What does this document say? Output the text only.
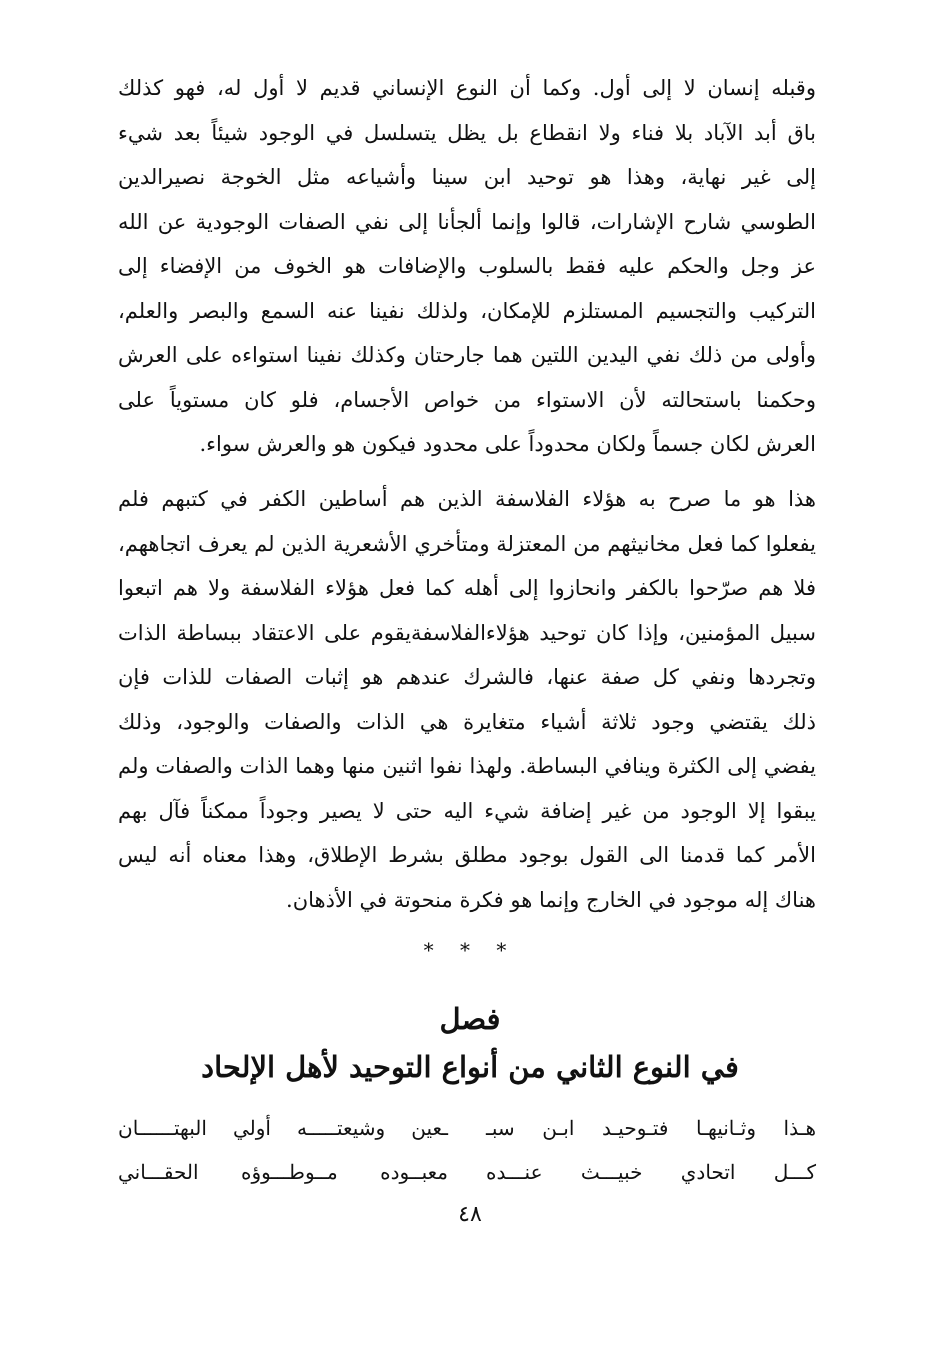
وقبله إنسان لا إلى أول. وكما أن النوع الإنساني قديم لا أول له، فهو كذلك
باق أبد الآباد بلا فناء ولا انقطاع بل يظل يتسلسل في الوجود شيئاً بعد شيء
إلى غير نهاية، وهذا هو توحيد ابن سينا وأشياعه مثل الخوجة نصيرالدين
الطوسي شارح الإشارات، قالوا وإنما ألجأنا إلى نفي الصفات الوجودية عن الله
عز وجل والحكم عليه فقط بالسلوب والإضافات هو الخوف من الإفضاء إلى
التركيب والتجسيم المستلزم للإمكان، ولذلك نفينا عنه السمع والبصر والعلم،
وأولى من ذلك نفي اليدين اللتين هما جارحتان وكذلك نفينا استواءه على العرش
وحكمنا باستحالته لأن الاستواء من خواص الأجسام، فلو كان مستوياً على
العرش لكان جسماً ولكان محدوداً على محدود فيكون هو والعرش سواء.
هذا هو ما صرح به هؤلاء الفلاسفة الذين هم أساطين الكفر في كتبهم فلم
يفعلوا كما فعل مخانيثهم من المعتزلة ومتأخري الأشعرية الذين لم يعرف اتجاههم،
فلا هم صرّحوا بالكفر وانحازوا إلى أهله كما فعل هؤلاء الفلاسفة ولا هم اتبعوا
سبيل المؤمنين، وإذا كان توحيد هؤلاءالفلاسفةيقوم على الاعتقاد ببساطة الذات
وتجردها ونفي كل صفة عنها، فالشرك عندهم هو إثبات الصفات للذات فإن
ذلك يقتضي وجود ثلاثة أشياء متغايرة هي الذات والصفات والوجود، وذلك
يفضي إلى الكثرة وينافي البساطة. ولهذا نفوا اثنين منها وهما الذات والصفات ولم
يبقوا إلا الوجود من غير إضافة شيء اليه حتى لا يصير وجوداً ممكناً فآل بهم
الأمر كما قدمنا الى القول بوجود مطلق بشرط الإطلاق، وهذا معناه أنه ليس
هناك إله موجود في الخارج وإنما هو فكرة منحوتة في الأذهان.
* * *
فصل
في النوع الثاني من أنواع التوحيد لأهل الإلحاد
هـذا وثـانيهـا فتـوحيـد ابـن سبـ
ـعين وشيعتـــــه أولي البهتــــــان
كـــل اتحادي خبيـــث عنـــده
معبــوده مــوطـــوؤه الحقـــاني
٤٨
